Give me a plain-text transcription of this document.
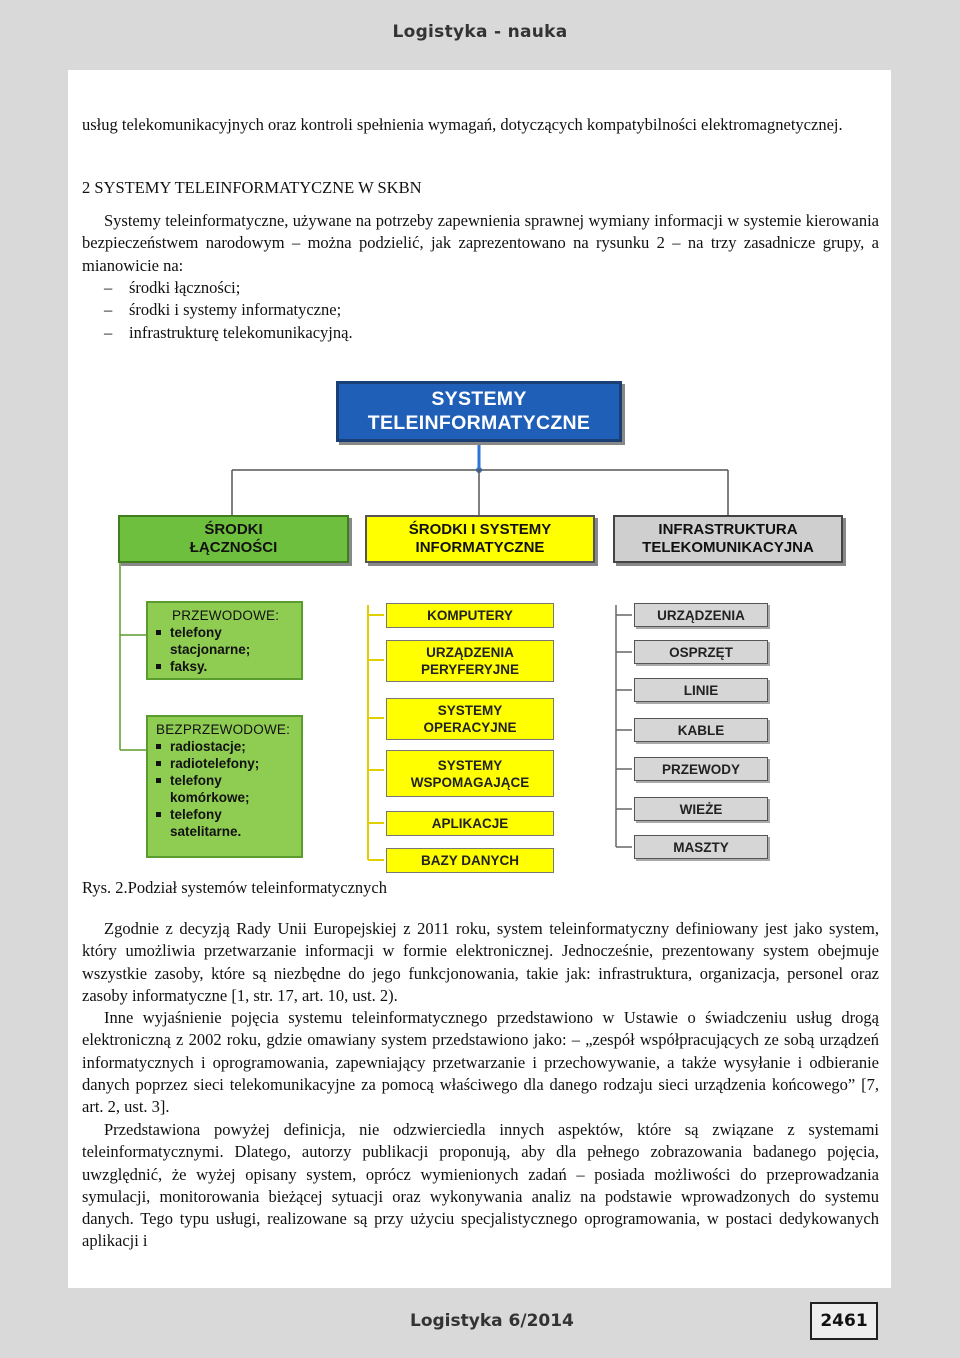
Logistyka - nauka

usług telekomunikacyjnych oraz kontroli spełnienia wymagań, dotyczących kompatybilności elektromagnetycznej.

2 SYSTEMY TELEINFORMATYCZNE W SKBN

Systemy teleinformatyczne, używane na potrzeby zapewnienia sprawnej wymiany informacji w systemie kierowania bezpieczeństwem narodowym – można podzielić, jak zaprezentowano na rysunku 2 – na trzy zasadnicze grupy, a mianowicie na:

– środki łączności;
– środki i systemy informatyczne;
– infrastrukturę telekomunikacyjną.
SYSTEMY
TELEINFORMATYCZNE
ŚRODKI
ŁĄCZNOŚCI
ŚRODKI I SYSTEMY
INFORMATYCZNE
INFRASTRUKTURA
TELEKOMUNIKACYJNA
PRZEWODOWE:
telefony stacjonarne;
faksy.
BEZPRZEWODOWE:
radiostacje;
radiotelefony;
telefony komórkowe;
telefony satelitarne.
KOMPUTERY
URZĄDZENIA PERYFERYJNE
SYSTEMY OPERACYJNE
SYSTEMY WSPOMAGAJĄCE
APLIKACJE
BAZY DANYCH
URZĄDZENIA
OSPRZĘT
LINIE
KABLE
PRZEWODY
WIEŻE
MASZTY

Rys. 2.Podział systemów teleinformatycznych

Zgodnie z decyzją Rady Unii Europejskiej z 2011 roku, system teleinformatyczny definiowany jest jako system, który umożliwia przetwarzanie informacji w formie elektronicznej. Jednocześnie, prezentowany system obejmuje wszystkie zasoby, które są niezbędne do jego funkcjonowania, takie jak: infrastruktura, organizacja, personel oraz zasoby informatyczne [1, str. 17, art. 10, ust. 2).

Inne wyjaśnienie pojęcia systemu teleinformatycznego przedstawiono w Ustawie o świadczeniu usług drogą elektroniczną z 2002 roku, gdzie omawiany system przedstawiono jako: – „zespół współpracujących ze sobą urządzeń informatycznych i oprogramowania, zapewniający przetwarzanie i przechowywanie, a także wysyłanie i odbieranie danych poprzez sieci telekomunikacyjne za pomocą właściwego dla danego rodzaju sieci urządzenia końcowego” [7, art. 2, ust. 3].

Przedstawiona powyżej definicja, nie odzwierciedla innych aspektów, które są związane z systemami teleinformatycznymi. Dlatego, autorzy publikacji proponują, aby dla pełnego zobrazowania badanego pojęcia, uwzględnić, że wyżej opisany system, oprócz wymienionych zadań – posiada możliwości do przeprowadzania symulacji, monitorowania bieżącej sytuacji oraz wykonywania analiz na podstawie wprowadzonych do systemu danych. Tego typu usługi, realizowane są przy użyciu specjalistycznego oprogramowania, w postaci dedykowanych aplikacji i

Logistyka 6/2014	2461
